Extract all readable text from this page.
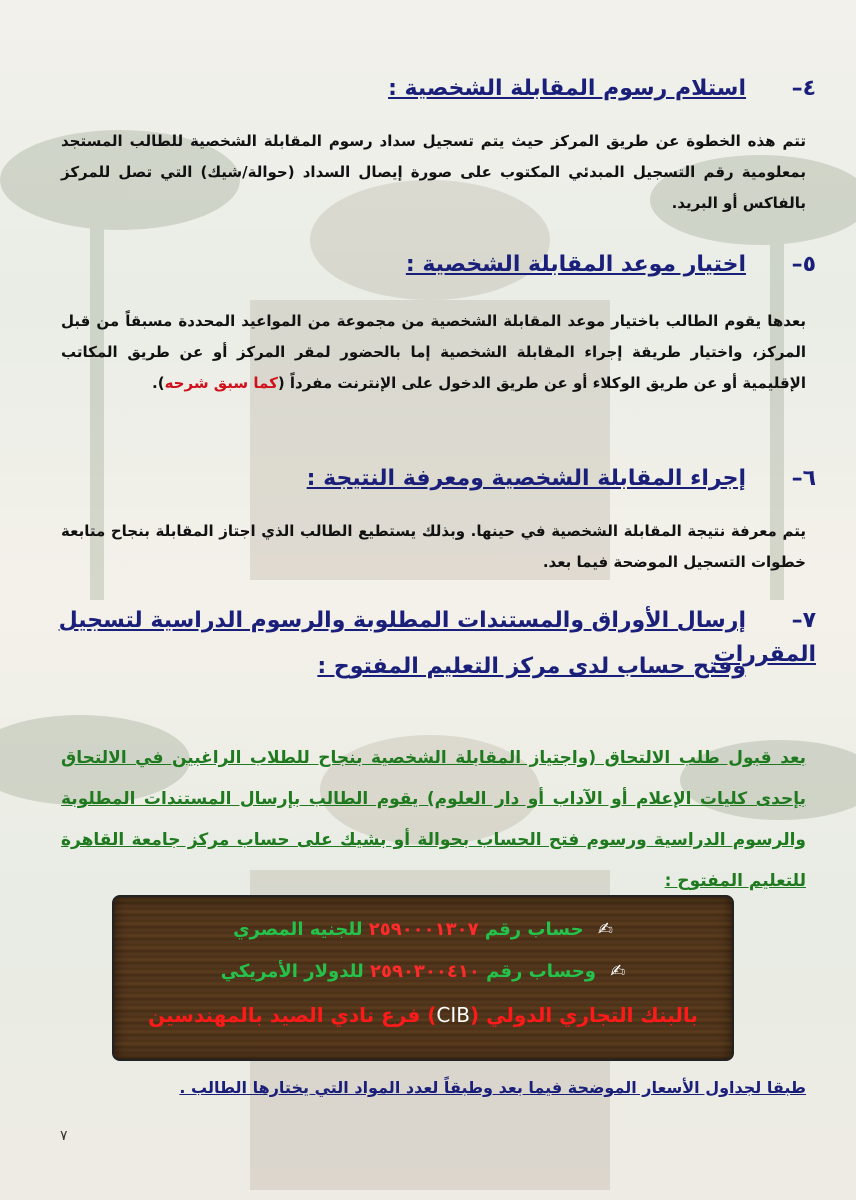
٤–استلام رسوم المقابلة الشخصية :
تتم هذه الخطوة عن طريق المركز حيث يتم تسجيل سداد رسوم المقابلة الشخصية للطالب المستجد بمعلومية رقم التسجيل المبدئي المكتوب على صورة إيصال السداد (حوالة/شيك) التي تصل للمركز بالفاكس أو البريد.
٥–اختيار موعد المقابلة الشخصية :
بعدها يقوم الطالب باختيار موعد المقابلة الشخصية من مجموعة من المواعيد المحددة مسبقاً من قبل المركز، واختيار طريقة إجراء المقابلة الشخصية إما بالحضور لمقر المركز أو عن طريق المكاتب الإقليمية أو عن طريق الوكلاء أو عن طريق الدخول على الإنترنت مفرداً (كما سبق شرحه).
٦–إجراء المقابلة الشخصية ومعرفة النتيجة :
يتم معرفة نتيجة المقابلة الشخصية في حينها. وبذلك يستطيع الطالب الذي اجتاز المقابلة بنجاح متابعة خطوات التسجيل الموضحة فيما بعد.
٧–إرسال الأوراق والمستندات المطلوبة والرسوم الدراسية لتسجيل المقررات
وفتح حساب لدى مركز التعليم المفتوح :
بعد قبول طلب الالتحاق (واجتياز المقابلة الشخصية بنجاح للطلاب الراغبين في الالتحاق بإحدى كليات الإعلام أو الآداب أو دار العلوم) يقوم الطالب بإرسال المستندات المطلوبة والرسوم الدراسية ورسوم فتح الحساب بحوالة أو بشيك على حساب مركز جامعة القاهرة للتعليم المفتوح :
✍ حساب رقم ٢٥٩٠٠٠١٣٠٧ للجنيه المصري
✍ وحساب رقم ٢٥٩٠٣٠٠٤١٠ للدولار الأمريكي
بالبنك التجاري الدولي (CIB) فرع نادي الصيد بالمهندسين
طبقا لجداول الأسعار الموضحة فيما بعد وطبقاً لعدد المواد التي يختارها الطالب .
٧
